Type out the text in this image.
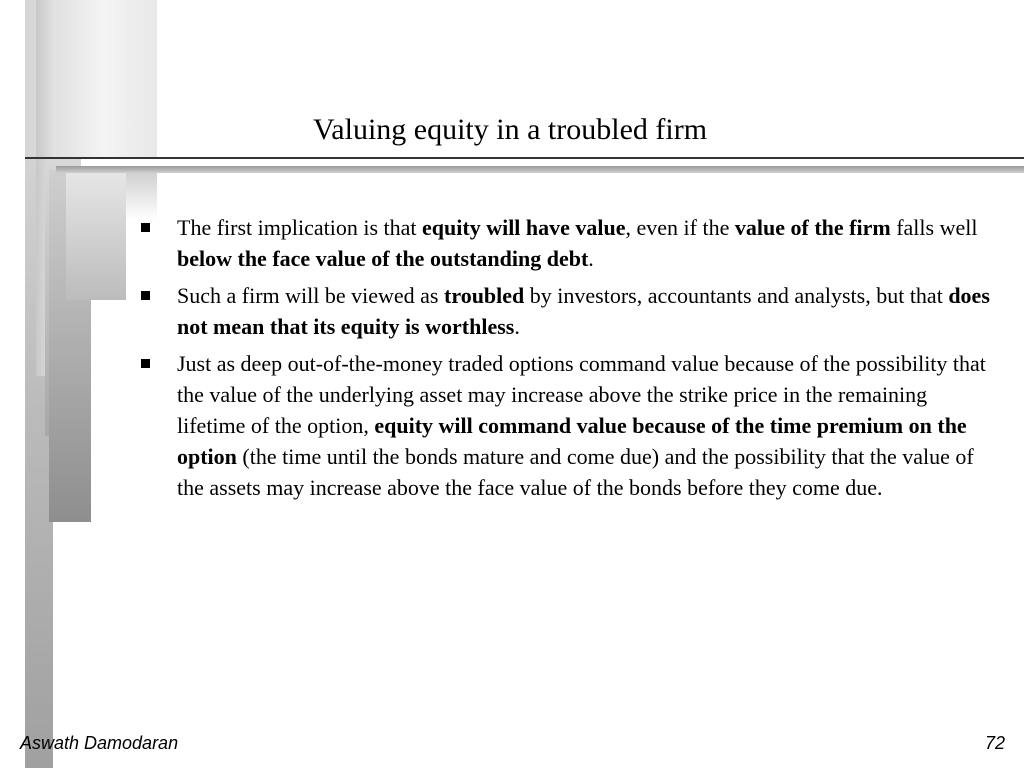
Valuing equity in a troubled firm
The first implication is that equity will have value, even if the value of the firm falls well below the face value of the outstanding debt.
Such a firm will be viewed as troubled by investors, accountants and analysts, but that does not mean that its equity is worthless.
Just as deep out-of-the-money traded options command value because of the possibility that the value of the underlying asset may increase above the strike price in the remaining lifetime of the option, equity will command value because of the time premium on the option (the time until the bonds mature and come due) and the possibility that the value of the assets may increase above the face value of the bonds before they come due.
Aswath Damodaran	72
